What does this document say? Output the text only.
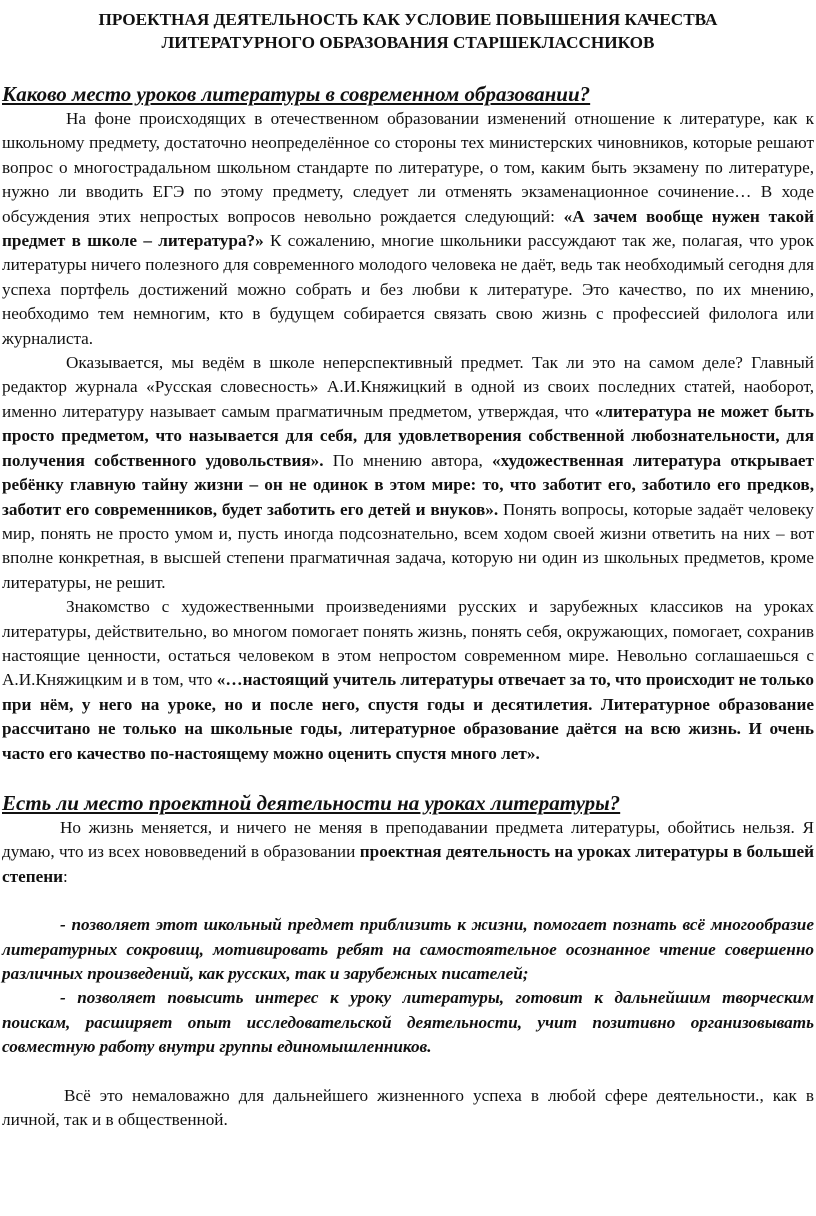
ПРОЕКТНАЯ ДЕЯТЕЛЬНОСТЬ КАК УСЛОВИЕ ПОВЫШЕНИЯ КАЧЕСТВА
ЛИТЕРАТУРНОГО ОБРАЗОВАНИЯ СТАРШЕКЛАССНИКОВ

Каково место уроков литературы в современном образовании?

На фоне происходящих в отечественном образовании изменений отношение к литературе, как к школьному предмету, достаточно неопределённое со стороны тех министерских чиновников, которые решают вопрос о многострадальном школьном стандарте по литературе, о том, каким быть экзамену по литературе, нужно ли вводить ЕГЭ по этому предмету, следует ли отменять экзаменационное сочинение… В ходе обсуждения этих непростых вопросов невольно рождается следующий: «А зачем вообще нужен такой предмет в школе – литература?» К сожалению, многие школьники рассуждают так же, полагая, что урок литературы ничего полезного для современного молодого человека не даёт, ведь так необходимый сегодня для успеха портфель достижений можно собрать и без любви к литературе. Это качество, по их мнению, необходимо тем немногим, кто в будущем собирается связать свою жизнь с профессией филолога или журналиста.

Оказывается, мы ведём в школе неперспективный предмет. Так ли это на самом деле? Главный редактор журнала «Русская словесность» А.И.Княжицкий в одной из своих последних статей, наоборот, именно литературу называет самым прагматичным предметом, утверждая, что «литература не может быть просто предметом, что называется для себя, для удовлетворения собственной любознательности, для получения собственного удовольствия». По мнению автора, «художественная литература открывает ребёнку главную тайну жизни – он не одинок в этом мире: то, что заботит его, заботило его предков, заботит его современников, будет заботить его детей и внуков». Понять вопросы, которые задаёт человеку мир, понять не просто умом и, пусть иногда подсознательно, всем ходом своей жизни ответить на них – вот вполне конкретная, в высшей степени прагматичная задача, которую ни один из школьных предметов, кроме литературы, не решит.

Знакомство с художественными произведениями русских и зарубежных классиков на уроках литературы, действительно, во многом помогает понять жизнь, понять себя, окружающих, помогает, сохранив настоящие ценности, остаться человеком в этом непростом современном мире. Невольно соглашаешься с А.И.Княжицким и в том, что «…настоящий учитель литературы отвечает за то, что происходит не только при нём, у него на уроке, но и после него, спустя годы и десятилетия. Литературное образование рассчитано не только на школьные годы, литературное образование даётся на всю жизнь. И очень часто его качество по-настоящему можно оценить спустя много лет».

Есть ли место проектной деятельности на уроках литературы?

Но жизнь меняется, и ничего не меняя в преподавании предмета литературы, обойтись нельзя. Я думаю, что из всех нововведений в образовании проектная деятельность на уроках литературы в большей степени:

- позволяет этот школьный предмет приблизить к жизни, помогает познать всё многообразие литературных сокровищ, мотивировать ребят на самостоятельное осознанное чтение совершенно различных произведений, как русских, так и зарубежных писателей;

- позволяет повысить интерес к уроку литературы, готовит к дальнейшим творческим поискам, расширяет опыт исследовательской деятельности, учит позитивно организовывать совместную работу внутри группы единомышленников.

Всё это немаловажно для дальнейшего жизненного успеха в любой сфере деятельности., как в личной, так и в общественной.
